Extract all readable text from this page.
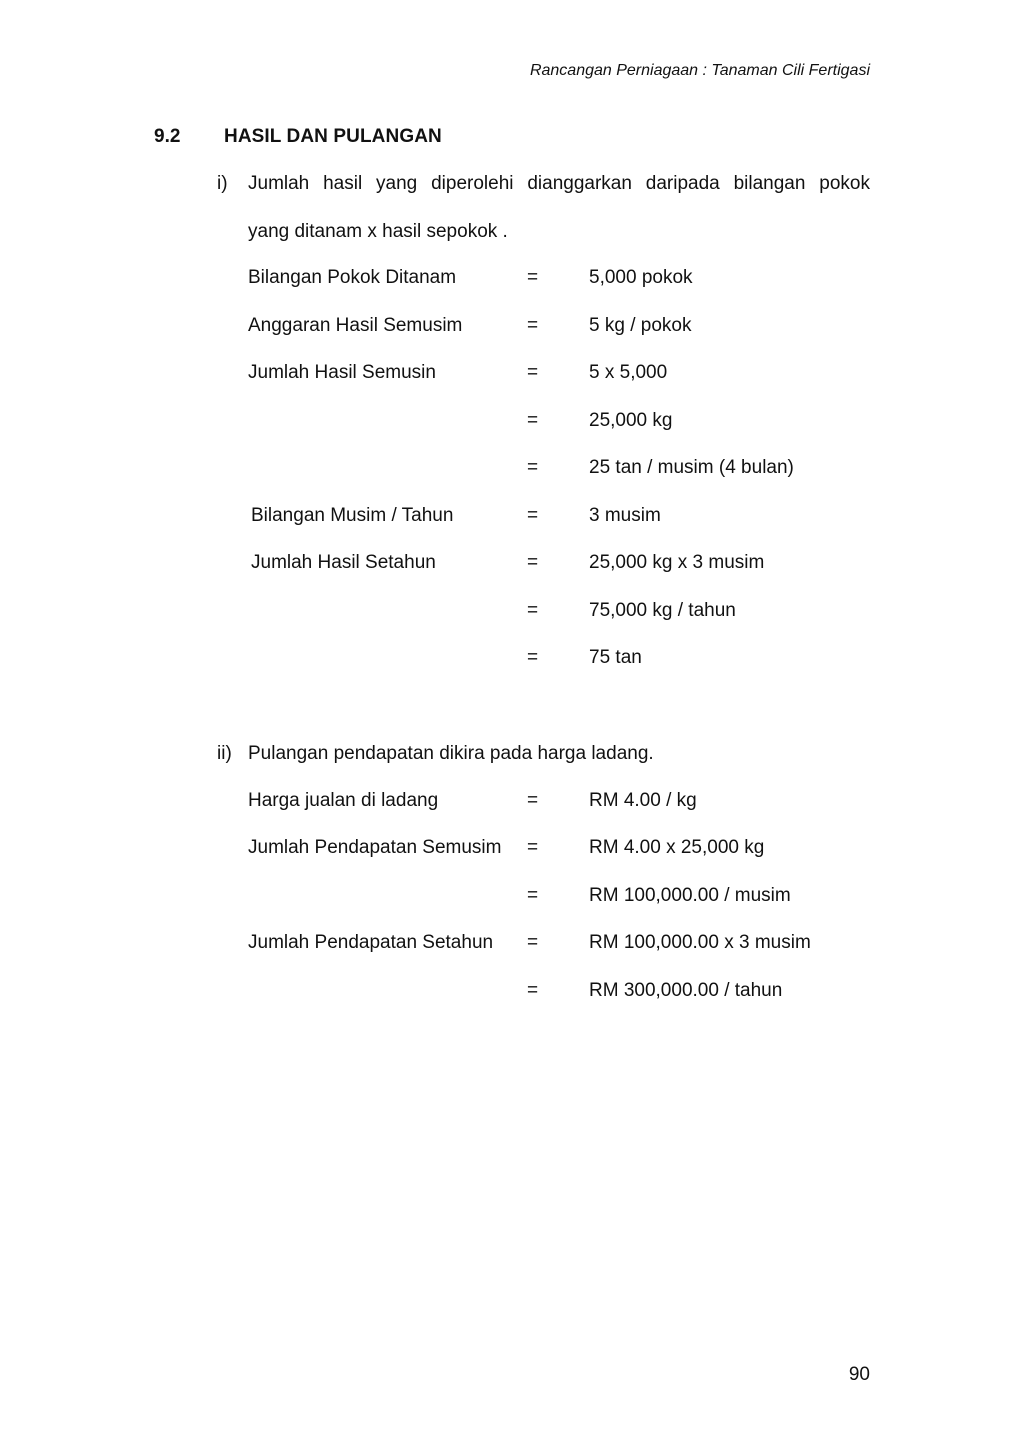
Rancangan Perniagaan : Tanaman Cili Fertigasi
9.2 HASIL DAN PULANGAN
i) Jumlah hasil yang diperolehi dianggarkan daripada bilangan pokok
yang ditanam x hasil sepokok .
Bilangan Pokok Ditanam	=	5,000 pokok
Anggaran Hasil Semusim	=	5 kg / pokok
Jumlah Hasil Semusin	=	5 x 5,000
=	25,000 kg
=	25 tan / musim (4 bulan)
Bilangan Musim / Tahun	=	3 musim
Jumlah Hasil Setahun	=	25,000 kg x 3 musim
=	75,000 kg / tahun
=	75 tan
ii) Pulangan pendapatan dikira pada harga ladang.
Harga jualan di ladang	=	RM 4.00 / kg
Jumlah Pendapatan Semusim =	RM 4.00 x 25,000 kg
=	RM 100,000.00 / musim
Jumlah Pendapatan Setahun =	RM 100,000.00 x 3 musim
=	RM 300,000.00 / tahun
90
